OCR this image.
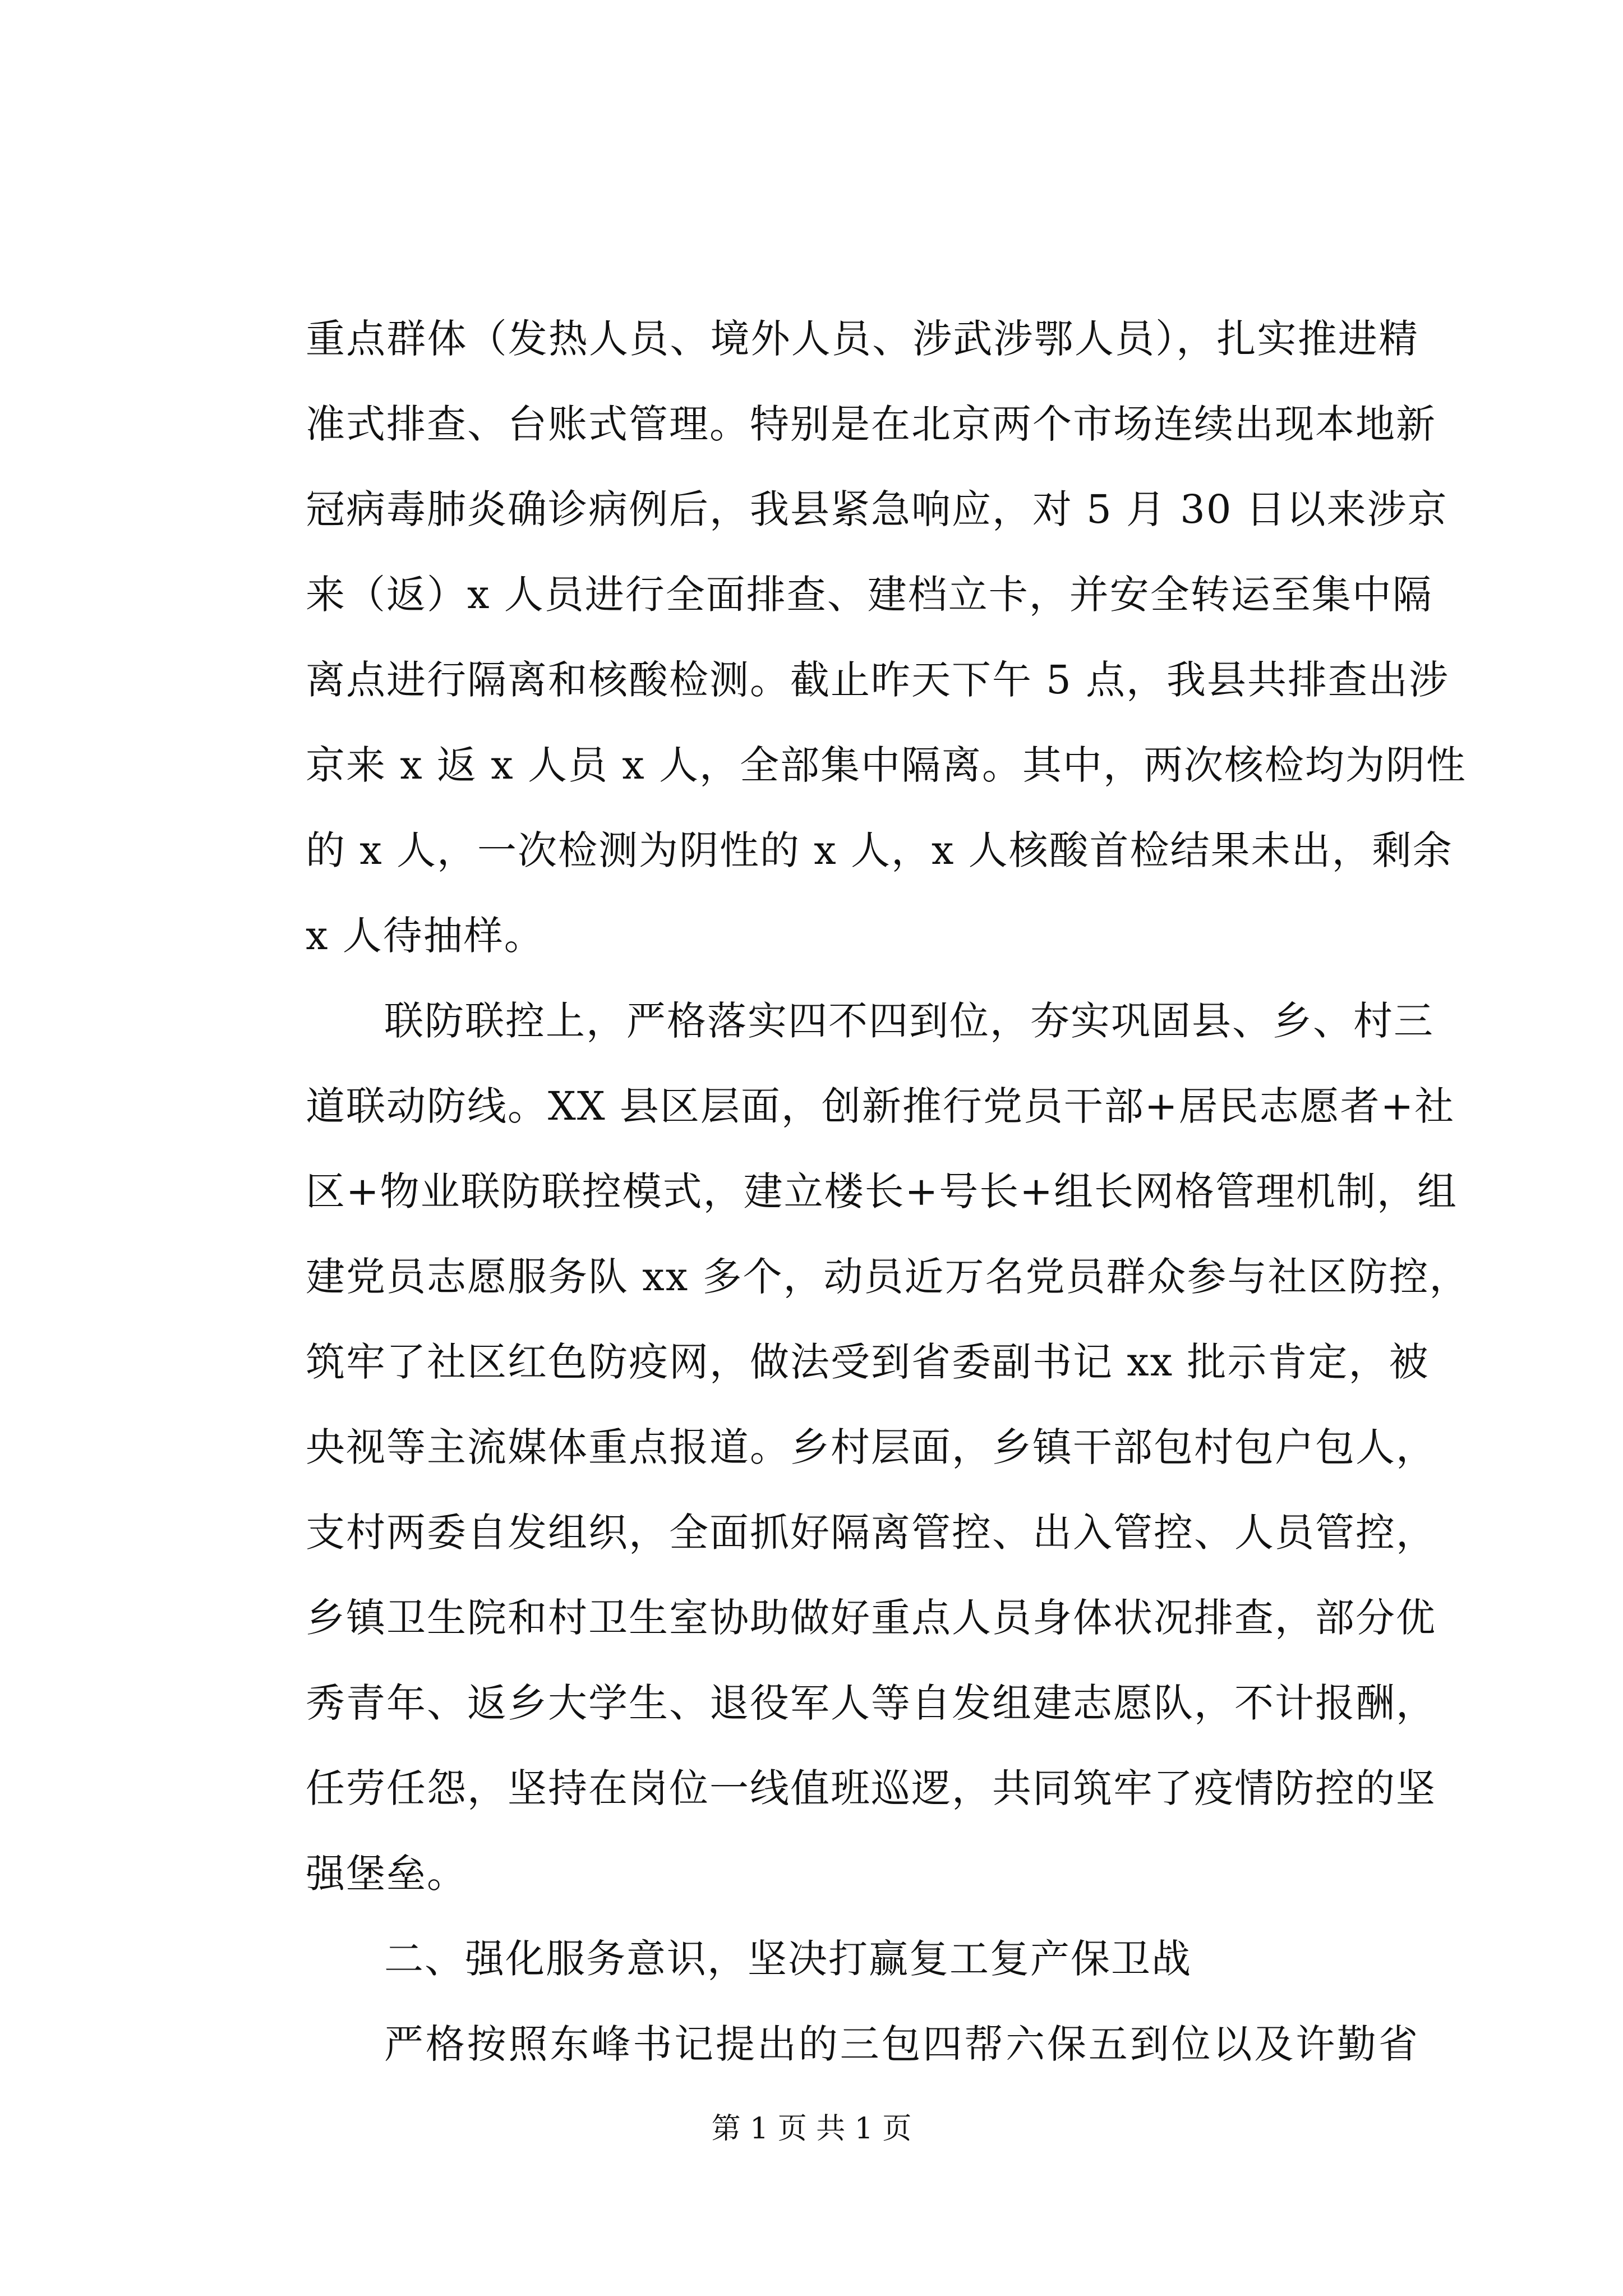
重点群体（发热人员、境外人员、涉武涉鄂人员），扎实推进精
准式排查、台账式管理。特别是在北京两个市场连续出现本地新
冠病毒肺炎确诊病例后，我县紧急响应，对 5 月 30 日以来涉京
来（返）x 人员进行全面排查、建档立卡，并安全转运至集中隔
离点进行隔离和核酸检测。截止昨天下午 5 点，我县共排查出涉
京来 x 返 x 人员 x 人，全部集中隔离。其中，两次核检均为阴性
的 x 人，一次检测为阴性的 x 人，x 人核酸首检结果未出，剩余
x 人待抽样。
联防联控上，严格落实四不四到位，夯实巩固县、乡、村三
道联动防线。XX 县区层面，创新推行党员干部+居民志愿者+社
区+物业联防联控模式，建立楼长+号长+组长网格管理机制，组
建党员志愿服务队 xx 多个，动员近万名党员群众参与社区防控，
筑牢了社区红色防疫网，做法受到省委副书记 xx 批示肯定，被
央视等主流媒体重点报道。乡村层面，乡镇干部包村包户包人，
支村两委自发组织，全面抓好隔离管控、出入管控、人员管控，
乡镇卫生院和村卫生室协助做好重点人员身体状况排查，部分优
秀青年、返乡大学生、退役军人等自发组建志愿队，不计报酬，
任劳任怨，坚持在岗位一线值班巡逻，共同筑牢了疫情防控的坚
强堡垒。
二、强化服务意识，坚决打赢复工复产保卫战
严格按照东峰书记提出的三包四帮六保五到位以及许勤省
第 1 页 共 1 页
